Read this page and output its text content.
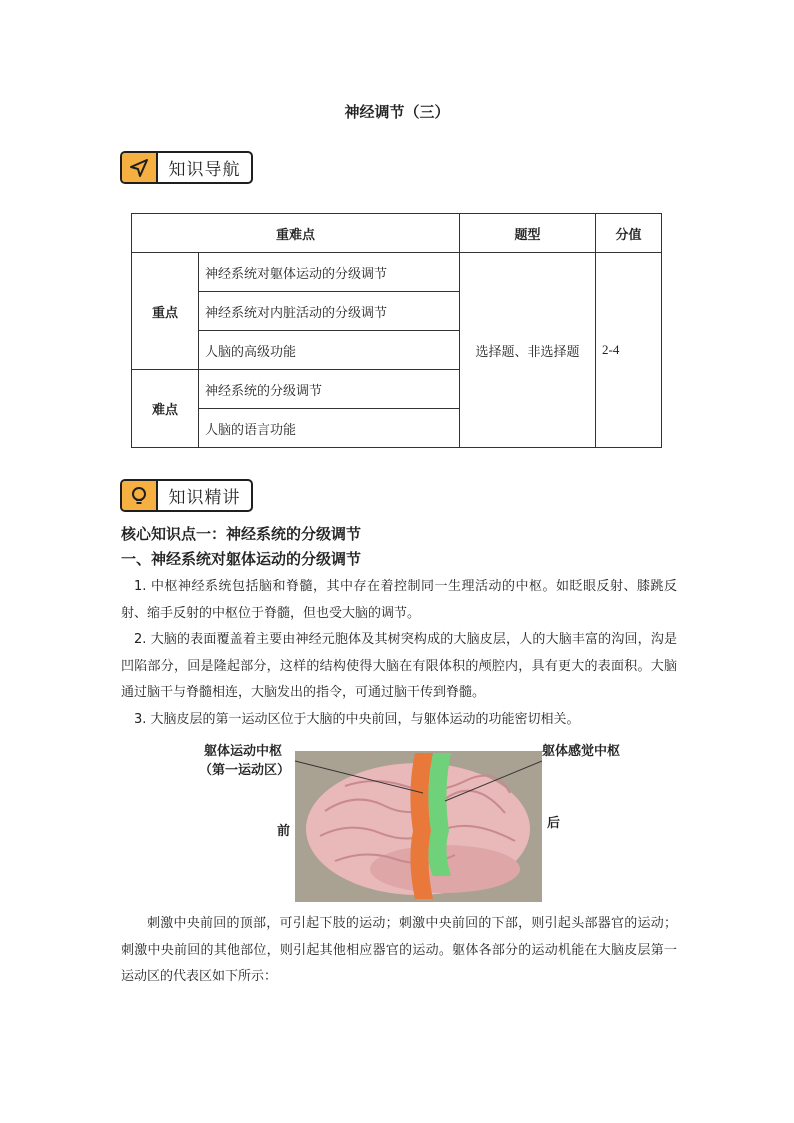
神经调节（三）
知识导航
重难点		题型	分值
重点	神经系统对躯体运动的分级调节	选择题、非选择题	2-4
	神经系统对内脏活动的分级调节		
	人脑的高级功能		
难点	神经系统的分级调节		
	人脑的语言功能		
知识精讲
核心知识点一：神经系统的分级调节
一、神经系统对躯体运动的分级调节
1. 中枢神经系统包括脑和脊髓，其中存在着控制同一生理活动的中枢。如眨眼反射、膝跳反射、缩手反射的中枢位于脊髓，但也受大脑的调节。
2. 大脑的表面覆盖着主要由神经元胞体及其树突构成的大脑皮层，人的大脑丰富的沟回，沟是凹陷部分，回是隆起部分，这样的结构使得大脑在有限体积的颅腔内，具有更大的表面积。大脑通过脑干与脊髓相连，大脑发出的指令，可通过脑干传到脊髓。
3. 大脑皮层的第一运动区位于大脑的中央前回，与躯体运动的功能密切相关。
躯体运动中枢
（第一运动区）
躯体感觉中枢
前
后
刺激中央前回的顶部，可引起下肢的运动；刺激中央前回的下部，则引起头部器官的运动；刺激中央前回的其他部位，则引起其他相应器官的运动。躯体各部分的运动机能在大脑皮层第一运动区的代表区如下所示：
